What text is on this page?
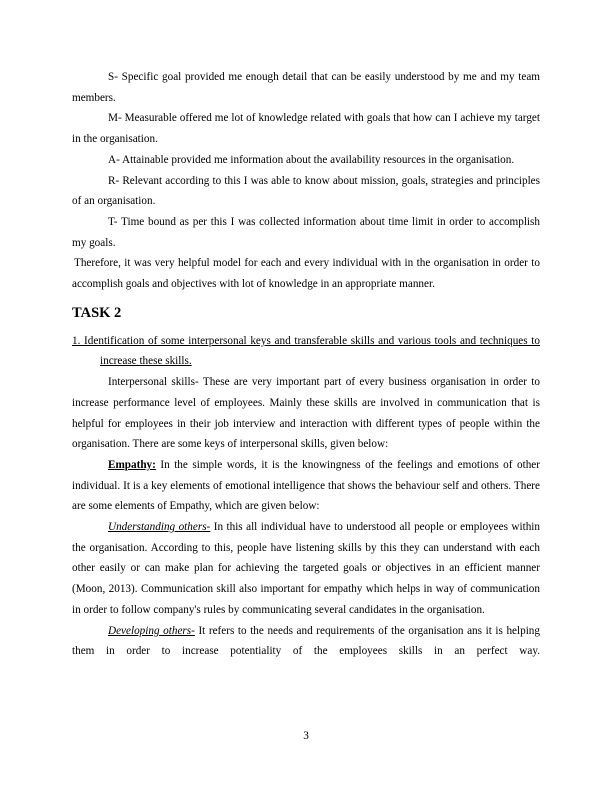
S- Specific goal provided me enough detail that can be easily understood by me and my team members.

M- Measurable offered me lot of knowledge related with goals that how can I achieve my target in the organisation.

A- Attainable provided me information about the availability resources in the organisation.

R- Relevant according to this I was able to know about mission, goals, strategies and principles of an organisation.

T- Time bound as per this I was collected information about time limit in order to accomplish my goals.

Therefore, it was very helpful model for each and every individual with in the organisation in order to accomplish goals and objectives with lot of knowledge in an appropriate manner.

TASK 2

1. Identification of some interpersonal keys and transferable skills and various tools and techniques to increase these skills.

Interpersonal skills- These are very important part of every business organisation in order to increase performance level of employees. Mainly these skills are involved in communication that is helpful for employees in their job interview and interaction with different types of people within the organisation. There are some keys of interpersonal skills, given below:

Empathy: In the simple words, it is the knowingness of the feelings and emotions of other individual. It is a key elements of emotional intelligence that shows the behaviour self and others. There are some elements of Empathy, which are given below:

Understanding others- In this all individual have to understood all people or employees within the organisation. According to this, people have listening skills by this they can understand with each other easily or can make plan for achieving the targeted goals or objectives in an efficient manner (Moon, 2013). Communication skill also important for empathy which helps in way of communication in order to follow company's rules by communicating several candidates in the organisation.

Developing others- It refers to the needs and requirements of the organisation ans it is helping them in order to increase potentiality of the employees skills in an perfect way.

3
